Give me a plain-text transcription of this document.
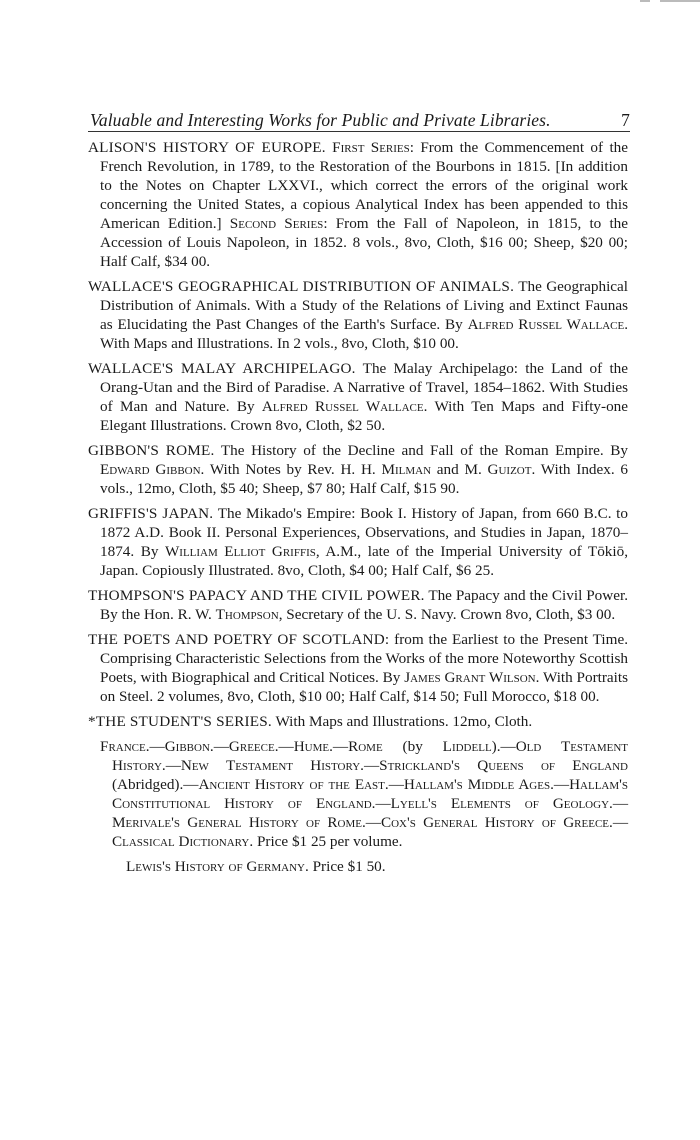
Valuable and Interesting Works for Public and Private Libraries.	7

ALISON'S HISTORY OF EUROPE. First Series: From the Commencement of the French Revolution, in 1789, to the Restoration of the Bourbons in 1815. [In addition to the Notes on Chapter LXXVI., which correct the errors of the original work concerning the United States, a copious Analytical Index has been appended to this American Edition.] Second Series: From the Fall of Napoleon, in 1815, to the Accession of Louis Napoleon, in 1852. 8 vols., 8vo, Cloth, $16 00; Sheep, $20 00; Half Calf, $34 00.

WALLACE'S GEOGRAPHICAL DISTRIBUTION OF ANIMALS. The Geographical Distribution of Animals. With a Study of the Relations of Living and Extinct Faunas as Elucidating the Past Changes of the Earth's Surface. By Alfred Russel Wallace. With Maps and Illustrations. In 2 vols., 8vo, Cloth, $10 00.

WALLACE'S MALAY ARCHIPELAGO. The Malay Archipelago: the Land of the Orang-Utan and the Bird of Paradise. A Narrative of Travel, 1854–1862. With Studies of Man and Nature. By Alfred Russel Wallace. With Ten Maps and Fifty-one Elegant Illustrations. Crown 8vo, Cloth, $2 50.

GIBBON'S ROME. The History of the Decline and Fall of the Roman Empire. By Edward Gibbon. With Notes by Rev. H. H. Milman and M. Guizot. With Index. 6 vols., 12mo, Cloth, $5 40; Sheep, $7 80; Half Calf, $15 90.

GRIFFIS'S JAPAN. The Mikado's Empire: Book I. History of Japan, from 660 B.C. to 1872 A.D. Book II. Personal Experiences, Observations, and Studies in Japan, 1870–1874. By William Elliot Griffis, A.M., late of the Imperial University of Tōkiō, Japan. Copiously Illustrated. 8vo, Cloth, $4 00; Half Calf, $6 25.

THOMPSON'S PAPACY AND THE CIVIL POWER. The Papacy and the Civil Power. By the Hon. R. W. Thompson, Secretary of the U. S. Navy. Crown 8vo, Cloth, $3 00.

THE POETS AND POETRY OF SCOTLAND: from the Earliest to the Present Time. Comprising Characteristic Selections from the Works of the more Noteworthy Scottish Poets, with Biographical and Critical Notices. By James Grant Wilson. With Portraits on Steel. 2 volumes, 8vo, Cloth, $10 00; Half Calf, $14 50; Full Morocco, $18 00.

*THE STUDENT'S SERIES. With Maps and Illustrations. 12mo, Cloth.

France.—Gibbon.—Greece.—Hume.—Rome (by Liddell).—Old Testament History.—New Testament History.—Strickland's Queens of England (Abridged).—Ancient History of the East.—Hallam's Middle Ages.—Hallam's Constitutional History of England.—Lyell's Elements of Geology.—Merivale's General History of Rome.—Cox's General History of Greece.—Classical Dictionary. Price $1 25 per volume.

Lewis's History of Germany. Price $1 50.
